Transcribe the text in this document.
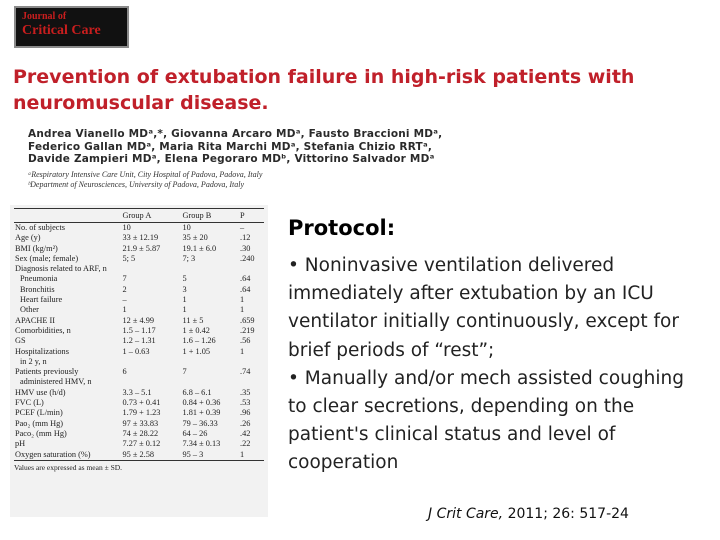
Journal of
Critical Care
Prevention of extubation failure in high-risk patients with neuromuscular disease.
Andrea Vianello MDᵃ,*, Giovanna Arcaro MDᵃ, Fausto Braccioni MDᵃ,
Federico Gallan MDᵃ, Maria Rita Marchi MDᵃ, Stefania Chizio RRTᵃ,
Davide Zampieri MDᵃ, Elena Pegoraro MDᵇ, Vittorino Salvador MDᵃ
ᵃRespiratory Intensive Care Unit, City Hospital of Padova, Padova, Italy
ᵇDepartment of Neurosciences, University of Padova, Padova, Italy
	Group A	Group B	P
No. of subjects	10	10	–
Age (y)	33 ± 12.19	35 ± 20	.12
BMI (kg/m²)	21.9 ± 5.87	19.1 ± 6.0	.30
Sex (male; female)	5; 5	7; 3	.240
Diagnosis related to ARF, n			
Pneumonia	7	5	.64
Bronchitis	2	3	.64
Heart failure	–	1	1
Other	1	1	1
APACHE II	12 ± 4.99	11 ± 5	.659
Comorbidities, n	1.5 – 1.17	1 ± 0.42	.219
GS	1.2 – 1.31	1.6 – 1.26	.56
Hospitalizations	1 – 0.63	1 + 1.05	1
in 2 y, n			
Patients previously	6	7	.74
administered HMV, n			
HMV use (h/d)	3.3 – 5.1	6.8 – 6.1	.35
FVC (L)	0.73 + 0.41	0.84 + 0.36	.53
PCEF (L/min)	1.79 + 1.23	1.81 + 0.39	.96
Pao₂ (mm Hg)	97 ± 33.83	79 – 36.33	.26
Paco₂ (mm Hg)	74 ± 28.22	64 – 26	.42
pH	7.27 ± 0.12	7.34 ± 0.13	.22
Oxygen saturation (%)	95 ± 2.58	95 – 3	1
Values are expressed as mean ± SD.
Protocol:

• Noninvasive ventilation delivered immediately after extubation by an ICU ventilator initially continuously, except for brief periods of “rest”;

• Manually and/or mech assisted coughing to clear secretions, depending on the patient's clinical status and level of cooperation

J Crit Care, 2011; 26: 517-24
